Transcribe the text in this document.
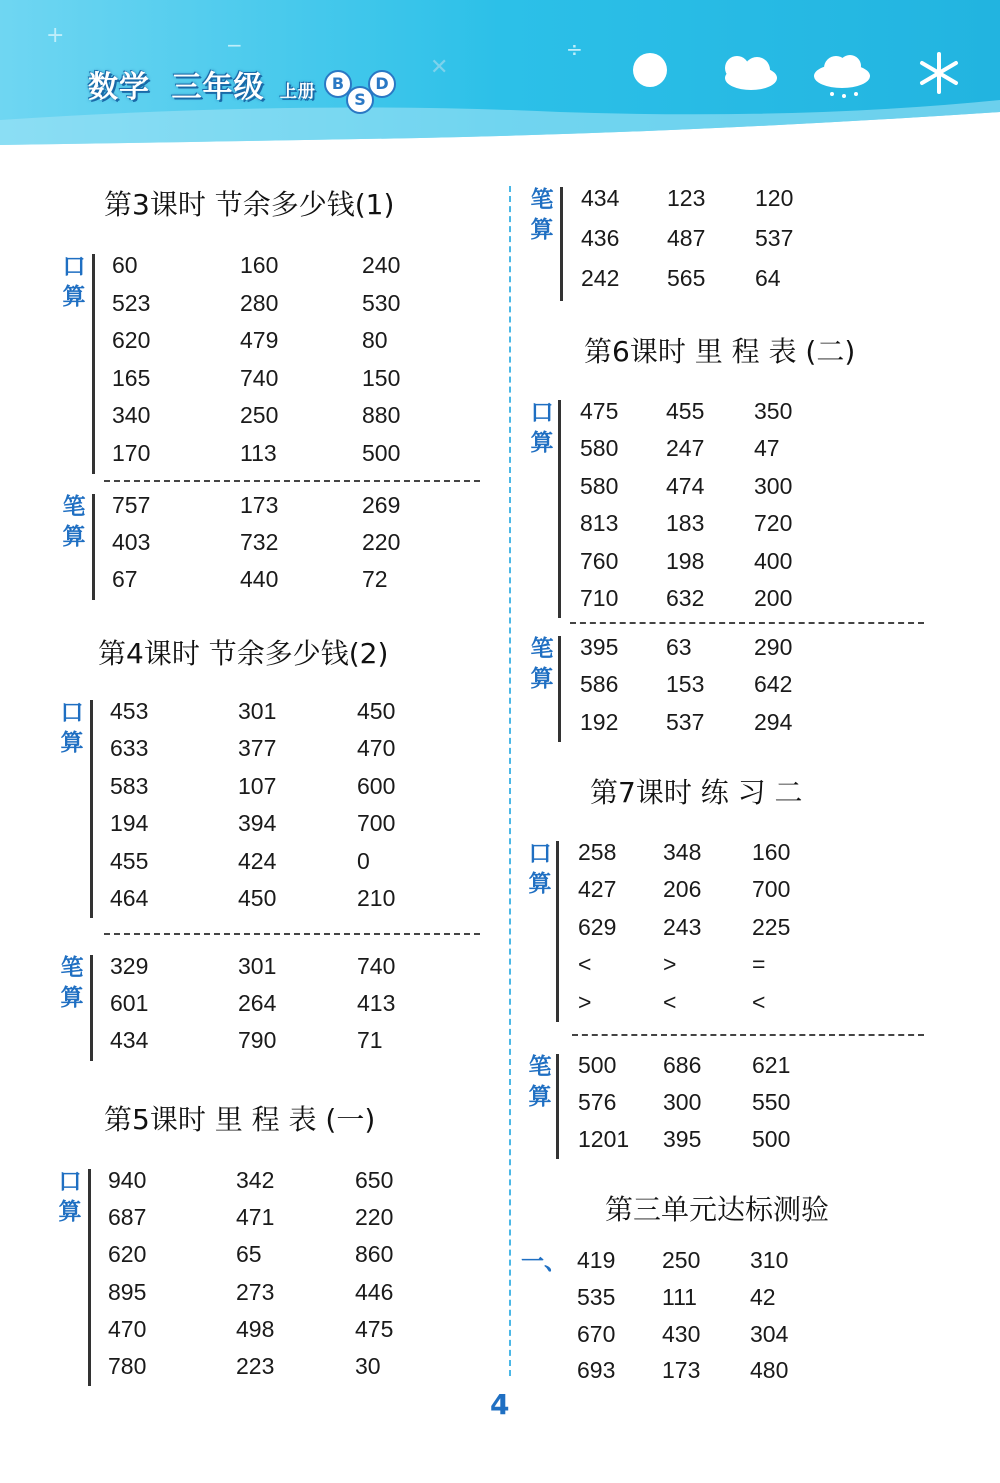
+	−
✕
÷
数学 三年级 上册 B
S
D
第3课时 节余多少钱(1)
口算
60	160	240
523	280	530
620	479	80
165	740	150
340	250	880
170	113	500
笔算
757	173	269
403	732	220
67	440	72
第4课时 节余多少钱(2)
口算
453	301	450
633	377	470
583	107	600
194	394	700
455	424	0
464	450	210
笔算
329	301	740
601	264	413
434	790	71
第5课时 里 程 表 (一)
口算
940	342	650
687	471	220
620	65	860
895	273	446
470	498	475
780	223	30
笔算
434 123 120
436 487 537
242 565 64
第6课时 里 程 表 (二)
口算
475 455 350
580 247 47
580 474 300
813 183 720
760 198 400
710 632 200
笔算
395 63	290
586 153 642
192 537 294
第7课时 练 习 二
口算
258 348 160
427 206 700
629 243 225
<	>	=
>	<	<
笔算
500 686 621
576 300 550
1201 395 500
第三单元达标测验
一、 419 250 310
535 111 42
670 430 304
693 173 480
4
